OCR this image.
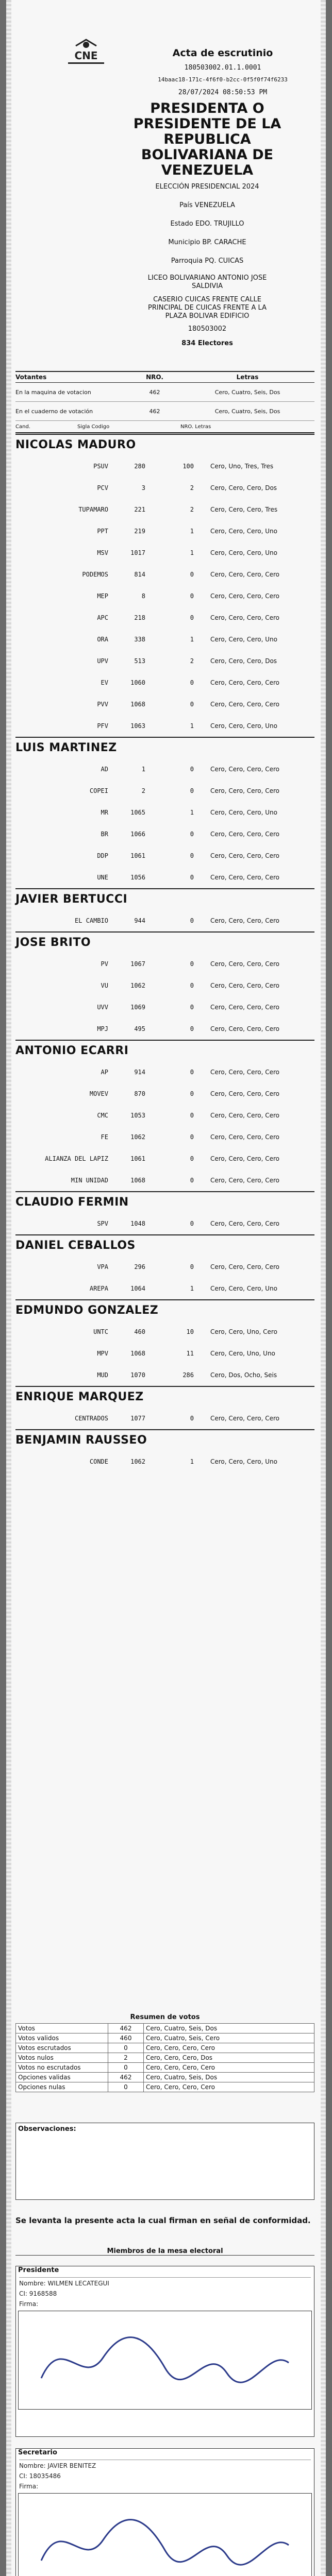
CNE	Acta de escrutinio
180503002.01.1.0001
14baac18-171c-4f6f0-b2cc-0f5f0f74f6233
28/07/2024 08:50:53 PM
PRESIDENTA O
PRESIDENTE DE LA
REPUBLICA
BOLIVARIANA DE
VENEZUELA
ELECCIÓN PRESIDENCIAL 2024
País VENEZUELA
Estado EDO. TRUJILLO
Municipio BP. CARACHE
Parroquia PQ. CUICAS
LICEO BOLIVARIANO ANTONIO JOSE
SALDIVIA
CASERIO CUICAS FRENTE CALLE
PRINCIPAL DE CUICAS FRENTE A LA
PLAZA BOLIVAR EDIFICIO
180503002
834 Electores
Votantes	NRO.	Letras
En la maquina de votacion	462	Cero, Cuatro, Seis, Dos
En el cuaderno de votación	462	Cero, Cuatro, Seis, Dos
Cand.	Sigla Codigo	NRO. Letras
NICOLAS MADURO
PSUV	280	100	Cero, Uno, Tres, Tres
PCV	3	2	Cero, Cero, Cero, Dos
TUPAMARO	221	2	Cero, Cero, Cero, Tres
PPT	219	1	Cero, Cero, Cero, Uno
MSV	1017	1	Cero, Cero, Cero, Uno
PODEMOS	814	0	Cero, Cero, Cero, Cero
MEP	8	0	Cero, Cero, Cero, Cero
APC	218	0	Cero, Cero, Cero, Cero
ORA	338	1	Cero, Cero, Cero, Uno
UPV	513	2	Cero, Cero, Cero, Dos
EV	1060	0	Cero, Cero, Cero, Cero
PVV	1068	0	Cero, Cero, Cero, Cero
PFV	1063	1	Cero, Cero, Cero, Uno
LUIS MARTINEZ
AD	1	0	Cero, Cero, Cero, Cero
COPEI	2	0	Cero, Cero, Cero, Cero
MR	1065	1	Cero, Cero, Cero, Uno
BR	1066	0	Cero, Cero, Cero, Cero
DDP	1061	0	Cero, Cero, Cero, Cero
UNE	1056	0	Cero, Cero, Cero, Cero
JAVIER BERTUCCI
EL CAMBIO	944	0	Cero, Cero, Cero, Cero
JOSE BRITO
PV	1067	0	Cero, Cero, Cero, Cero
VU	1062	0	Cero, Cero, Cero, Cero
UVV	1069	0	Cero, Cero, Cero, Cero
MPJ	495	0	Cero, Cero, Cero, Cero
ANTONIO ECARRI
AP	914	0	Cero, Cero, Cero, Cero
MOVEV	870	0	Cero, Cero, Cero, Cero
CMC	1053	0	Cero, Cero, Cero, Cero
FE	1062	0	Cero, Cero, Cero, Cero
ALIANZA DEL LAPIZ	1061	0	Cero, Cero, Cero, Cero
MIN UNIDAD	1068	0	Cero, Cero, Cero, Cero
CLAUDIO FERMIN
SPV	1048	0	Cero, Cero, Cero, Cero
DANIEL CEBALLOS
VPA	296	0	Cero, Cero, Cero, Cero
AREPA	1064	1	Cero, Cero, Cero, Uno
EDMUNDO GONZALEZ
UNTC	460	10	Cero, Cero, Uno, Cero
MPV	1068	11	Cero, Cero, Uno, Uno
MUD	1070	286	Cero, Dos, Ocho, Seis
ENRIQUE MARQUEZ
CENTRADOS	1077	0	Cero, Cero, Cero, Cero
BENJAMIN RAUSSEO
CONDE	1062	1	Cero, Cero, Cero, Uno
Resumen de votos
Votos	462	Cero, Cuatro, Seis, Dos
Votos validos	460	Cero, Cuatro, Seis, Cero
Votos escrutados	0	Cero, Cero, Cero, Cero
Votos nulos	2	Cero, Cero, Cero, Dos
Votos no escrutados	0	Cero, Cero, Cero, Cero
Opciones validas	462	Cero, Cuatro, Seis, Dos
Opciones nulas	0	Cero, Cero, Cero, Cero
Observaciones:
Se levanta la presente acta la cual firman en señal de conformidad.
Miembros de la mesa electoral
Presidente
Nombre: WILMEN LECATEGUI
CI: 9168588
Firma:
Secretario
Nombre: JAVIER BENITEZ
CI: 18035486
Firma:
